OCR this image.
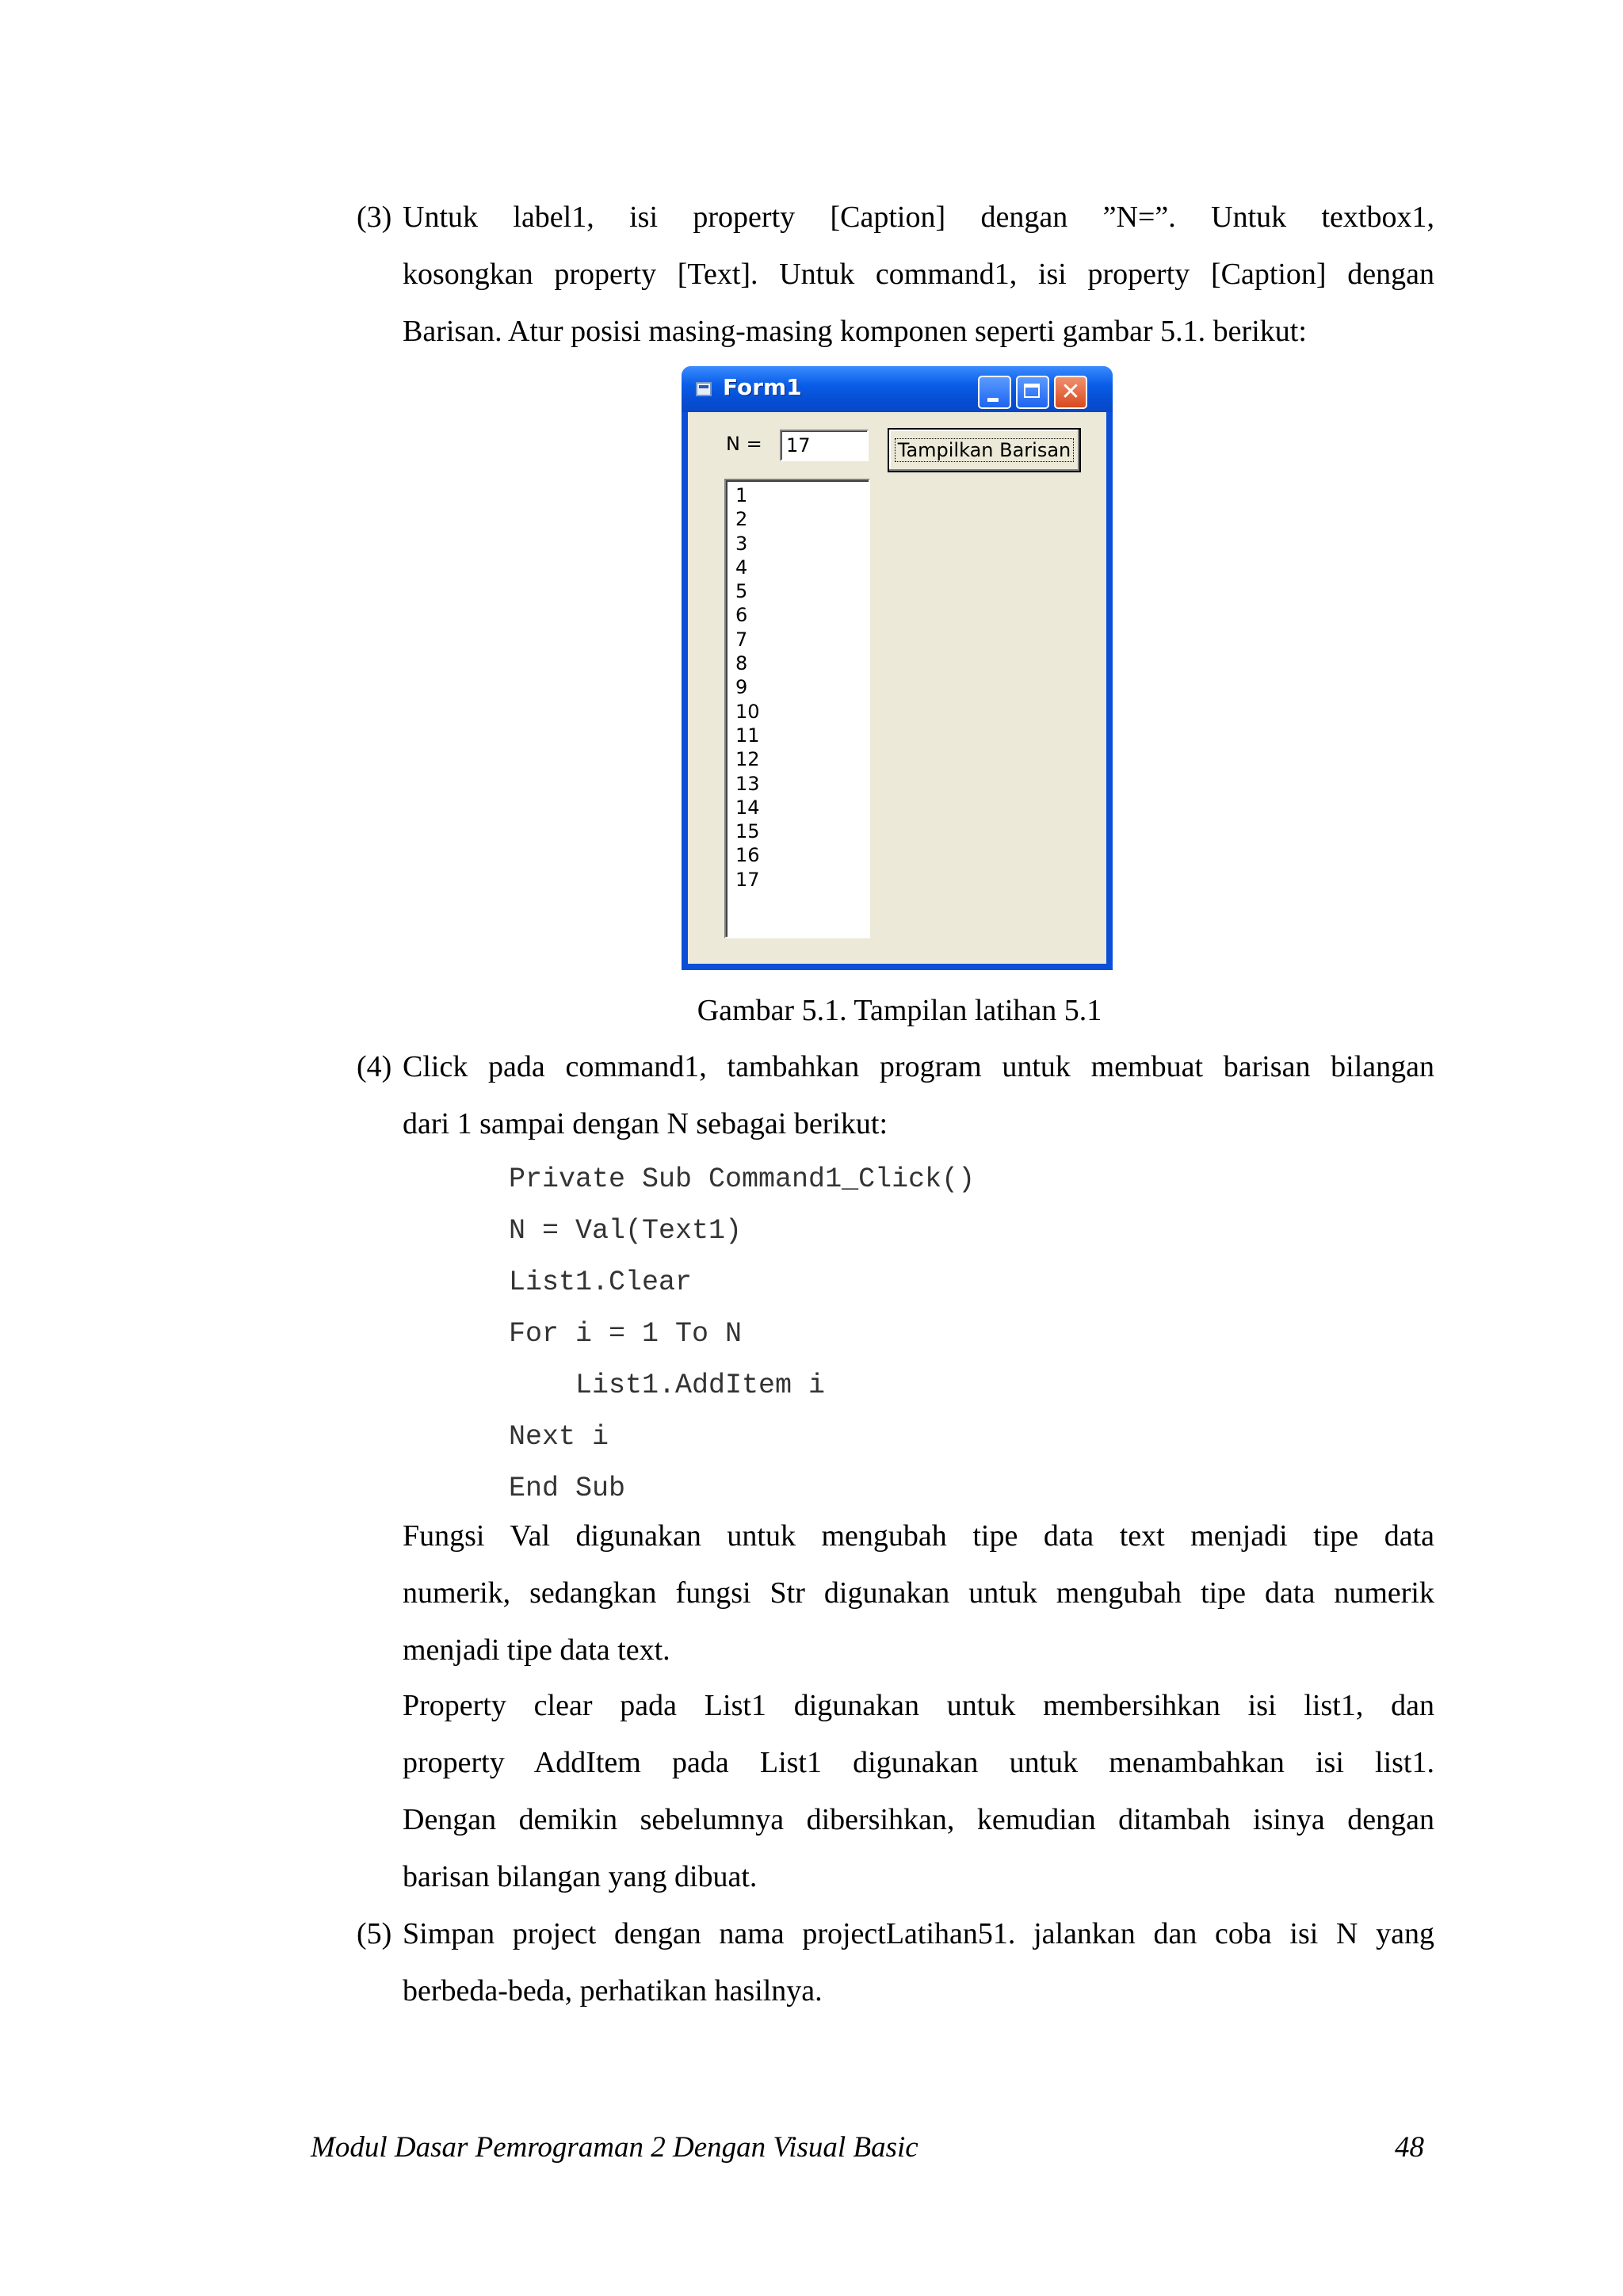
(3) Untuk label1, isi property [Caption] dengan ”N=”. Untuk textbox1,
kosongkan property [Text]. Untuk command1, isi property [Caption] dengan
Barisan. Atur posisi masing-masing komponen seperti gambar 5.1. berikut:
Form1	✕
N =	17	Tampilkan Barisan
1
2
3
4
5
6
7
8
9
10
11
12
13
14
15
16
17
Gambar 5.1. Tampilan latihan 5.1
(4) Click pada command1, tambahkan program untuk membuat barisan bilangan
dari 1 sampai dengan N sebagai berikut:
Private Sub Command1_Click()
N = Val(Text1)
List1.Clear
For i = 1 To N
List1.AddItem i
Next i
End Sub
Fungsi Val digunakan untuk mengubah tipe data text menjadi tipe data
numerik, sedangkan fungsi Str digunakan untuk mengubah tipe data numerik
menjadi tipe data text.
Property clear pada List1 digunakan untuk membersihkan isi list1, dan
property AddItem pada List1 digunakan untuk menambahkan isi list1.
Dengan demikin sebelumnya dibersihkan, kemudian ditambah isinya dengan
barisan bilangan yang dibuat.
(5) Simpan project dengan nama projectLatihan51. jalankan dan coba isi N yang
berbeda-beda, perhatikan hasilnya.
Modul Dasar Pemrograman 2 Dengan Visual Basic	48
